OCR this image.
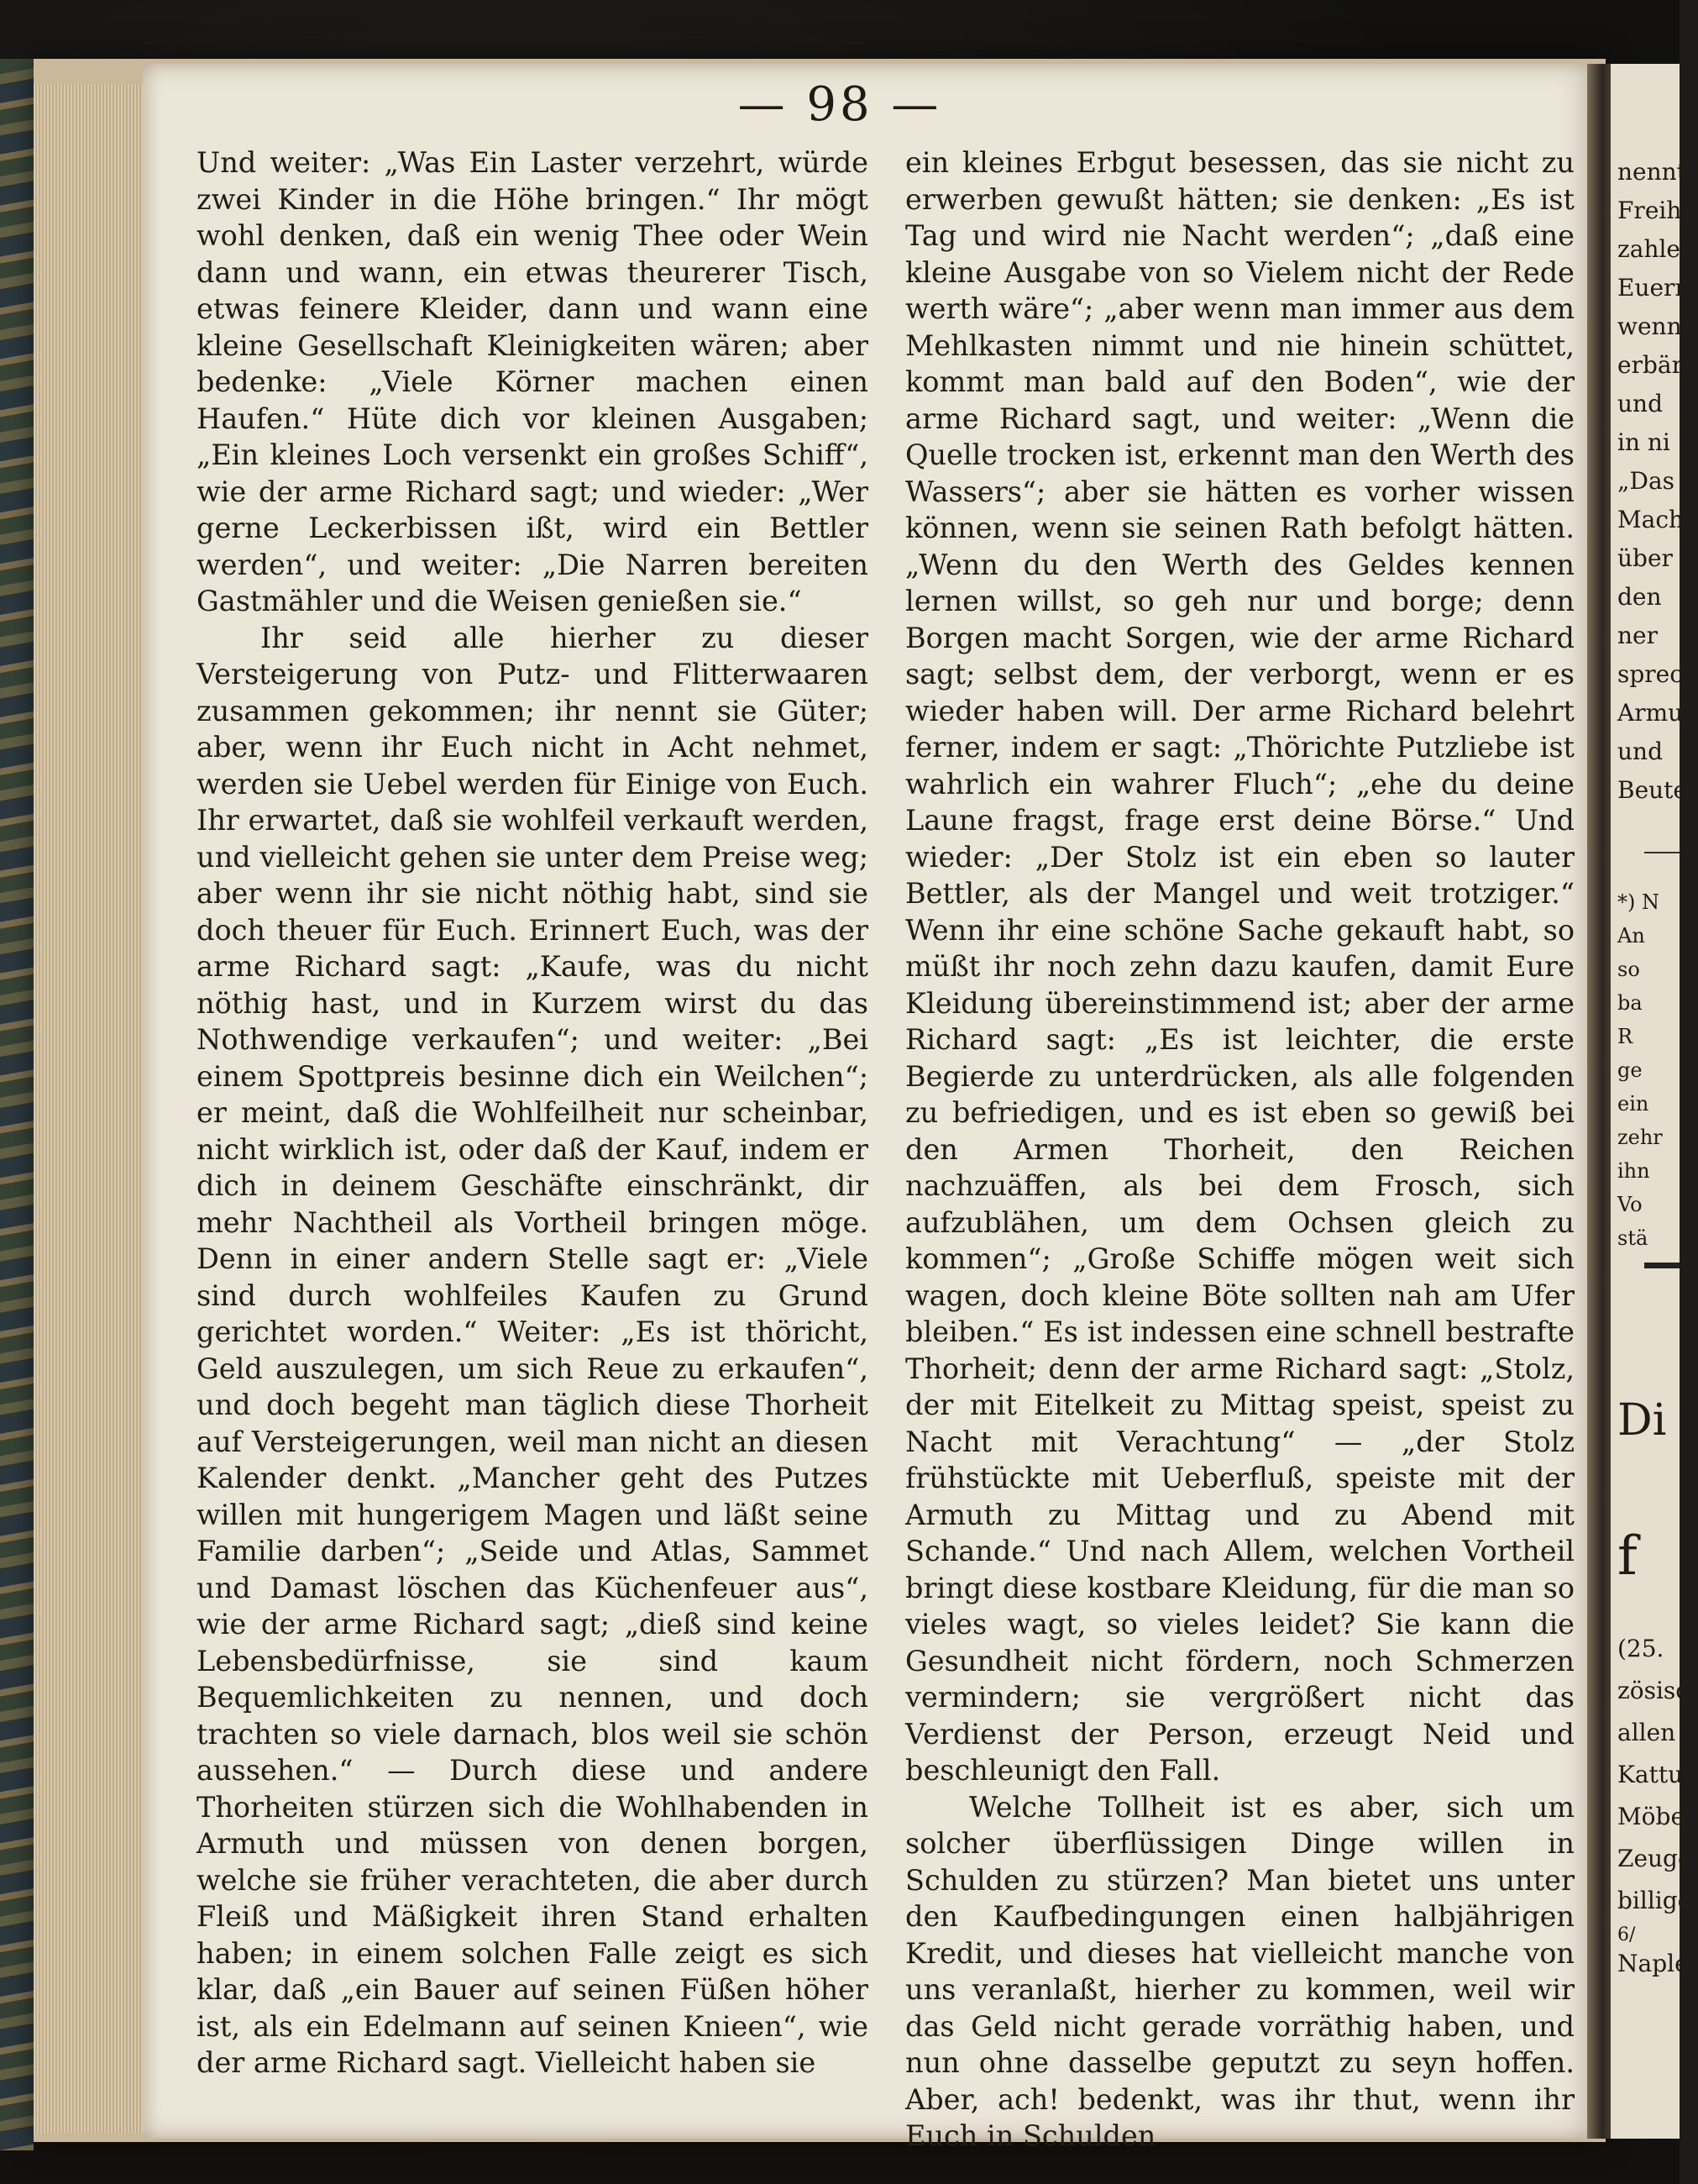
— 98 —

Und weiter: „Was Ein Laster verzehrt, würde zwei Kinder in die Höhe bringen.“ Ihr mögt wohl denken, daß ein wenig Thee oder Wein dann und wann, ein etwas theurerer Tisch, etwas feinere Kleider, dann und wann eine kleine Gesellschaft Kleinigkeiten wären; aber bedenke: „Viele Körner machen einen Haufen.“ Hüte dich vor kleinen Ausgaben; „Ein kleines Loch versenkt ein großes Schiff“, wie der arme Richard sagt; und wieder: „Wer gerne Leckerbissen ißt, wird ein Bettler werden“, und weiter: „Die Narren bereiten Gastmähler und die Weisen genießen sie.“

Ihr seid alle hierher zu dieser Versteigerung von Putz- und Flitterwaaren zusammen gekommen; ihr nennt sie Güter; aber, wenn ihr Euch nicht in Acht nehmet, werden sie Uebel werden für Einige von Euch. Ihr erwartet, daß sie wohlfeil verkauft werden, und vielleicht gehen sie unter dem Preise weg; aber wenn ihr sie nicht nöthig habt, sind sie doch theuer für Euch. Erinnert Euch, was der arme Richard sagt: „Kaufe, was du nicht nöthig hast, und in Kurzem wirst du das Nothwendige verkaufen“; und weiter: „Bei einem Spottpreis besinne dich ein Weilchen“; er meint, daß die Wohlfeilheit nur scheinbar, nicht wirklich ist, oder daß der Kauf, indem er dich in deinem Geschäfte einschränkt, dir mehr Nachtheil als Vortheil bringen möge. Denn in einer andern Stelle sagt er: „Viele sind durch wohlfeiles Kaufen zu Grund gerichtet worden.“ Weiter: „Es ist thöricht, Geld auszulegen, um sich Reue zu erkaufen“, und doch begeht man täglich diese Thorheit auf Versteigerungen, weil man nicht an diesen Kalender denkt. „Mancher geht des Putzes willen mit hungerigem Magen und läßt seine Familie darben“; „Seide und Atlas, Sammet und Damast löschen das Küchenfeuer aus“, wie der arme Richard sagt; „dieß sind keine Lebensbedürfnisse, sie sind kaum Bequemlichkeiten zu nennen, und doch trachten so viele darnach, blos weil sie schön aussehen.“ — Durch diese und andere Thorheiten stürzen sich die Wohlhabenden in Armuth und müssen von denen borgen, welche sie früher verachteten, die aber durch Fleiß und Mäßigkeit ihren Stand erhalten haben; in einem solchen Falle zeigt es sich klar, daß „ein Bauer auf seinen Füßen höher ist, als ein Edelmann auf seinen Knieen“, wie der arme Richard sagt. Vielleicht haben sie

ein kleines Erbgut besessen, das sie nicht zu erwerben gewußt hätten; sie denken: „Es ist Tag und wird nie Nacht werden“; „daß eine kleine Ausgabe von so Vielem nicht der Rede werth wäre“; „aber wenn man immer aus dem Mehlkasten nimmt und nie hinein schüttet, kommt man bald auf den Boden“, wie der arme Richard sagt, und weiter: „Wenn die Quelle trocken ist, erkennt man den Werth des Wassers“; aber sie hätten es vorher wissen können, wenn sie seinen Rath befolgt hätten. „Wenn du den Werth des Geldes kennen lernen willst, so geh nur und borge; denn Borgen macht Sorgen, wie der arme Richard sagt; selbst dem, der verborgt, wenn er es wieder haben will. Der arme Richard belehrt ferner, indem er sagt: „Thörichte Putzliebe ist wahrlich ein wahrer Fluch“; „ehe du deine Laune fragst, frage erst deine Börse.“ Und wieder: „Der Stolz ist ein eben so lauter Bettler, als der Mangel und weit trotziger.“ Wenn ihr eine schöne Sache gekauft habt, so müßt ihr noch zehn dazu kaufen, damit Eure Kleidung übereinstimmend ist; aber der arme Richard sagt: „Es ist leichter, die erste Begierde zu unterdrücken, als alle folgenden zu befriedigen, und es ist eben so gewiß bei den Armen Thorheit, den Reichen nachzuäffen, als bei dem Frosch, sich aufzublähen, um dem Ochsen gleich zu kommen“; „Große Schiffe mögen weit sich wagen, doch kleine Böte sollten nah am Ufer bleiben.“ Es ist indessen eine schnell bestrafte Thorheit; denn der arme Richard sagt: „Stolz, der mit Eitelkeit zu Mittag speist, speist zu Nacht mit Verachtung“ — „der Stolz frühstückte mit Ueberfluß, speiste mit der Armuth zu Mittag und zu Abend mit Schande.“ Und nach Allem, welchen Vortheil bringt diese kostbare Kleidung, für die man so vieles wagt, so vieles leidet? Sie kann die Gesundheit nicht fördern, noch Schmerzen vermindern; sie vergrößert nicht das Verdienst der Person, erzeugt Neid und beschleunigt den Fall.

Welche Tollheit ist es aber, sich um solcher überflüssigen Dinge willen in Schulden zu stürzen? Man bietet uns unter den Kaufbedingungen einen halbjährigen Kredit, und dieses hat vielleicht manche von uns veranlaßt, hierher zu kommen, weil wir das Geld nicht gerade vorräthig haben, und nun ohne dasselbe geputzt zu seyn hoffen. Aber, ach! bedenkt, was ihr thut, wenn ihr Euch in Schulden

nennt;
Freihe
zahlen
Euern
wenn
erbär
und
in ni
„Das
Mach
über
den
ner
sprech
Armu
und
Beute
*) N
An
so
ba
R
ge
ein
zehr
ihn
Vo
stä
Di
f
(25.
zösisc
allen
Kattu
Möbe
Zeuge
billige
6/
Naple
